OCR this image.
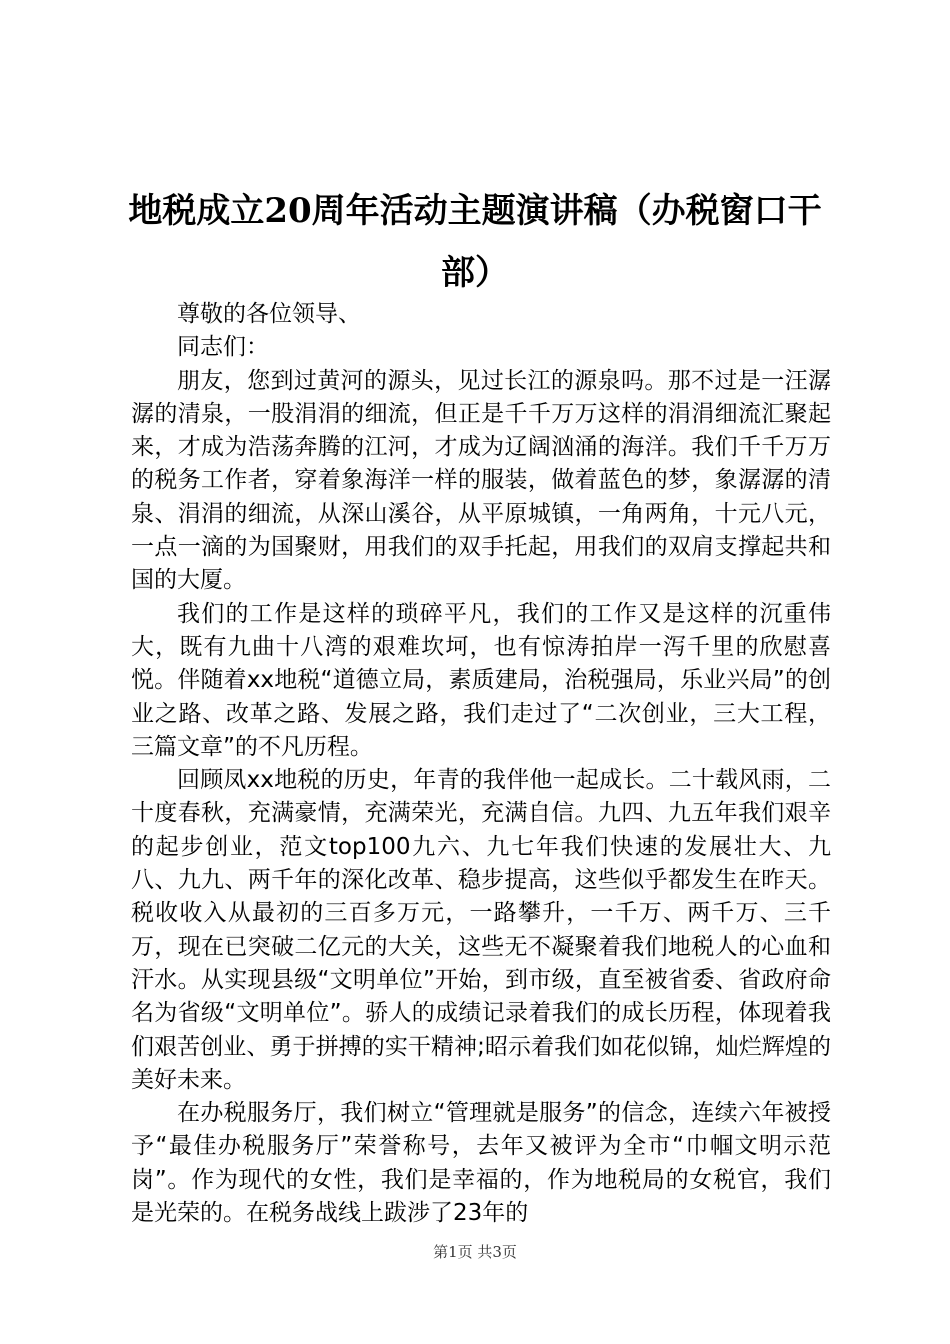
地税成立20周年活动主题演讲稿（办税窗口干部）

尊敬的各位领导、

同志们：

朋友，您到过黄河的源头，见过长江的源泉吗。那不过是一汪潺潺的清泉，一股涓涓的细流，但正是千千万万这样的涓涓细流汇聚起来，才成为浩荡奔腾的江河，才成为辽阔汹涌的海洋。我们千千万万的税务工作者，穿着象海洋一样的服装，做着蓝色的梦，象潺潺的清泉、涓涓的细流，从深山溪谷，从平原城镇，一角两角，十元八元，一点一滴的为国聚财，用我们的双手托起，用我们的双肩支撑起共和国的大厦。

我们的工作是这样的琐碎平凡，我们的工作又是这样的沉重伟大，既有九曲十八湾的艰难坎坷，也有惊涛拍岸一泻千里的欣慰喜悦。伴随着xx地税“道德立局，素质建局，治税强局，乐业兴局”的创业之路、改革之路、发展之路，我们走过了“二次创业，三大工程，三篇文章”的不凡历程。

回顾凤xx地税的历史，年青的我伴他一起成长。二十载风雨，二十度春秋，充满豪情，充满荣光，充满自信。九四、九五年我们艰辛的起步创业，范文top100九六、九七年我们快速的发展壮大、九八、九九、两千年的深化改革、稳步提高，这些似乎都发生在昨天。税收收入从最初的三百多万元，一路攀升，一千万、两千万、三千万，现在已突破二亿元的大关，这些无不凝聚着我们地税人的心血和汗水。从实现县级“文明单位”开始，到市级，直至被省委、省政府命名为省级“文明单位”。骄人的成绩记录着我们的成长历程，体现着我们艰苦创业、勇于拼搏的实干精神;昭示着我们如花似锦，灿烂辉煌的美好未来。

在办税服务厅，我们树立“管理就是服务”的信念，连续六年被授予“最佳办税服务厅”荣誉称号，去年又被评为全市“巾帼文明示范岗”。作为现代的女性，我们是幸福的，作为地税局的女税官，我们是光荣的。在税务战线上跋涉了23年的

第1页 共3页
